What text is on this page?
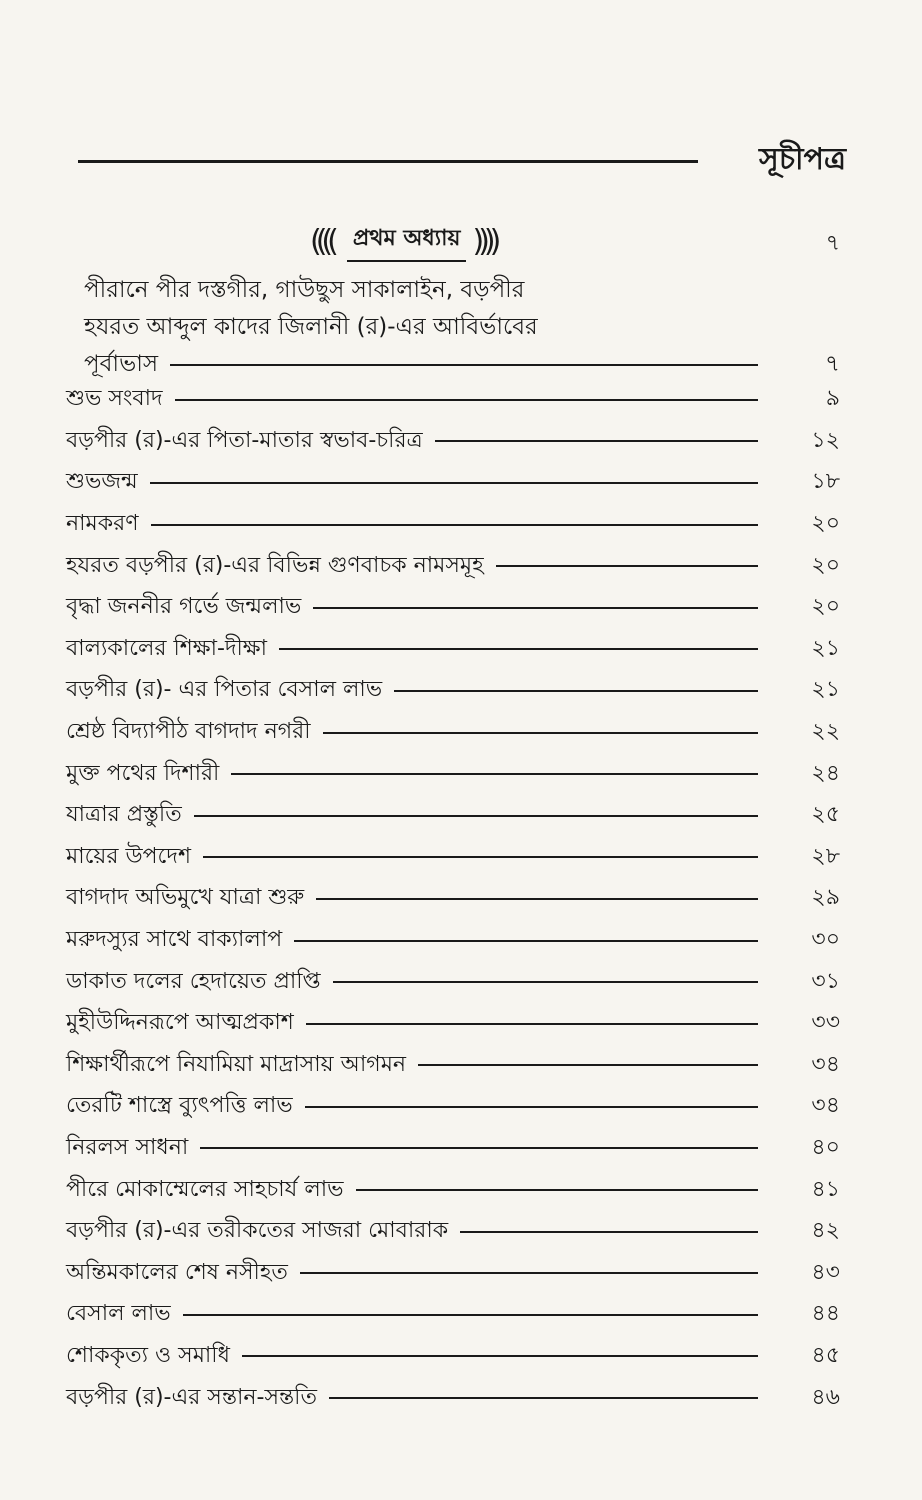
সূচীপত্র
(((( প্রথম অধ্যায় ))))	৭
পীরানে পীর দস্তগীর, গাউছুস সাকালাইন, বড়পীর
হযরত আব্দুল কাদের জিলানী (র)-এর আবির্ভাবের
পূর্বাভাস	৭
শুভ সংবাদ	৯
বড়পীর (র)-এর পিতা-মাতার স্বভাব-চরিত্র	১২
শুভজন্ম	১৮
নামকরণ	২০
হযরত বড়পীর (র)-এর বিভিন্ন গুণবাচক নামসমূহ	২০
বৃদ্ধা জননীর গর্ভে জন্মলাভ	২০
বাল্যকালের শিক্ষা-দীক্ষা	২১
বড়পীর (র)- এর পিতার বেসাল লাভ	২১
শ্রেষ্ঠ বিদ্যাপীঠ বাগদাদ নগরী	২২
মুক্ত পথের দিশারী	২৪
যাত্রার প্রস্তুতি	২৫
মায়ের উপদেশ	২৮
বাগদাদ অভিমুখে যাত্রা শুরু	২৯
মরুদস্যুর সাথে বাক্যালাপ	৩০
ডাকাত দলের হেদায়েত প্রাপ্তি	৩১
মুহীউদ্দিনরূপে আত্মপ্রকাশ	৩৩
শিক্ষার্থীরূপে নিযামিয়া মাদ্রাসায় আগমন	৩৪
তেরটি শাস্ত্রে ব্যুৎপত্তি লাভ	৩৪
নিরলস সাধনা	৪০
পীরে মোকাম্মেলের সাহচার্য লাভ	৪১
বড়পীর (র)-এর তরীকতের সাজরা মোবারাক	৪২
অন্তিমকালের শেষ নসীহত	৪৩
বেসাল লাভ	৪৪
শোককৃত্য ও সমাধি	৪৫
বড়পীর (র)-এর সন্তান-সন্ততি	৪৬
